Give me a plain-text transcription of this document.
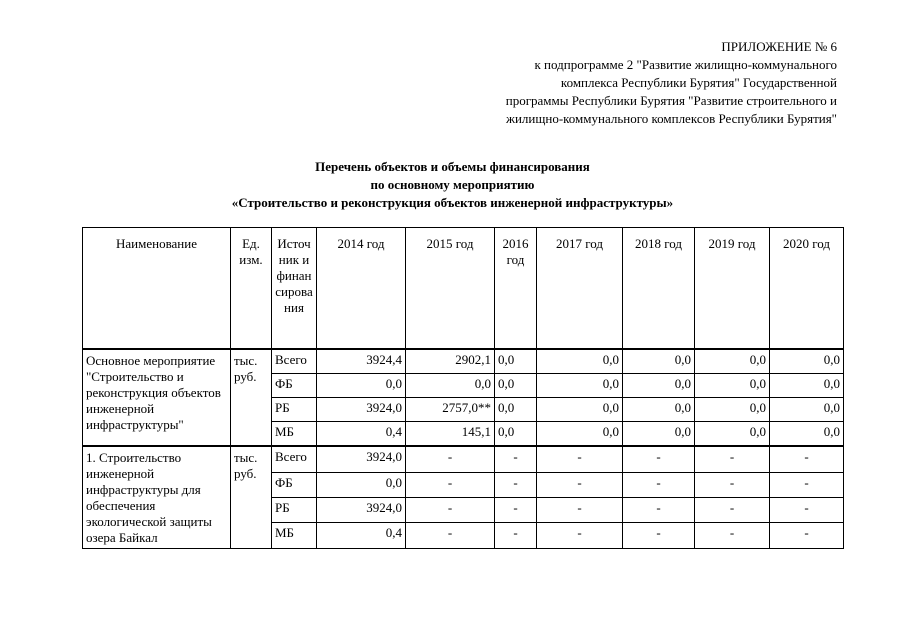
ПРИЛОЖЕНИЕ № 6
к подпрограмме 2 "Развитие жилищно-коммунального
комплекса Республики Бурятия" Государственной
программы Республики Бурятия "Развитие строительного и
жилищно-коммунального комплексов Республики Бурятия"
Перечень объектов и объемы финансирования
по основному мероприятию
«Строительство и реконструкция объектов инженерной инфраструктуры»
Наименование	Ед. изм.	Источник и финансирования	2014 год	2015 год	2016 год	2017 год	2018 год	2019 год	2020 год
Основное мероприятие "Строительство и реконструкция объектов инженерной инфраструктуры"	тыс. руб.	Всего	3924,4	2902,1	0,0	0,0	0,0	0,0	0,0
		ФБ	0,0	0,0	0,0	0,0	0,0	0,0	0,0
		РБ	3924,0	2757,0**	0,0	0,0	0,0	0,0	0,0
		МБ	0,4	145,1	0,0	0,0	0,0	0,0	0,0
1. Строительство инженерной инфраструктуры для обеспечения экологической защиты озера Байкал	тыс. руб.	Всего	3924,0	-	-	-	-	-	-
		ФБ	0,0	-	-	-	-	-	-
		РБ	3924,0	-	-	-	-	-	-
		МБ	0,4	-	-	-	-	-	-
